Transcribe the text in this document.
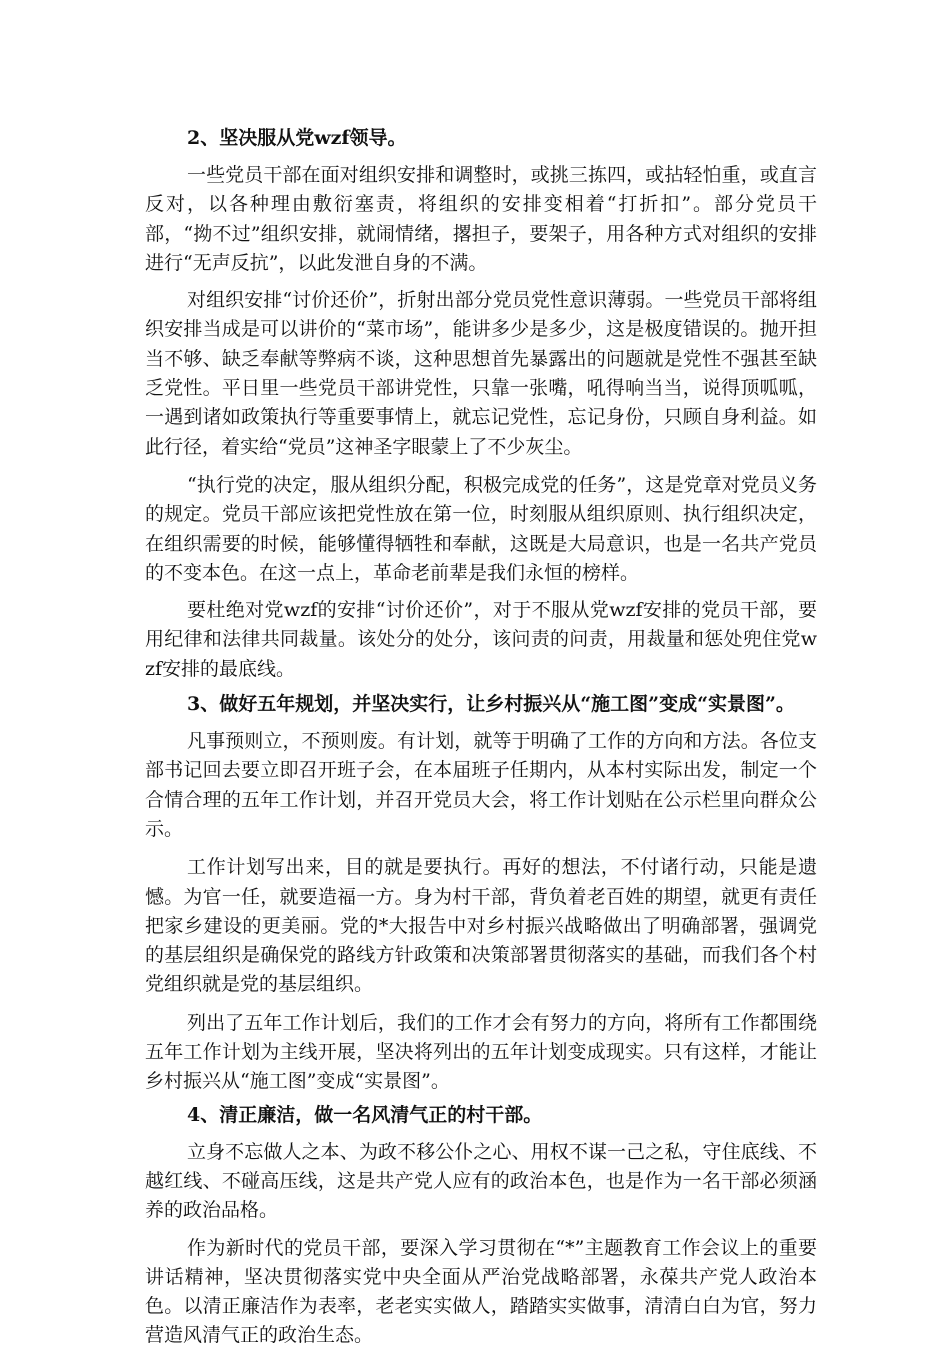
2、坚决服从党wzf领导。

一些党员干部在面对组织安排和调整时，或挑三拣四，或拈轻怕重，或直言反对，以各种理由敷衍塞责，将组织的安排变相着“打折扣”。部分党员干部，“拗不过”组织安排，就闹情绪，撂担子，要架子，用各种方式对组织的安排进行“无声反抗”，以此发泄自身的不满。

对组织安排“讨价还价”，折射出部分党员党性意识薄弱。一些党员干部将组织安排当成是可以讲价的“菜市场”，能讲多少是多少，这是极度错误的。抛开担当不够、缺乏奉献等弊病不谈，这种思想首先暴露出的问题就是党性不强甚至缺乏党性。平日里一些党员干部讲党性，只靠一张嘴，吼得响当当，说得顶呱呱，一遇到诸如政策执行等重要事情上，就忘记党性，忘记身份，只顾自身利益。如此行径，着实给“党员”这神圣字眼蒙上了不少灰尘。

“执行党的决定，服从组织分配，积极完成党的任务”，这是党章对党员义务的规定。党员干部应该把党性放在第一位，时刻服从组织原则、执行组织决定，在组织需要的时候，能够懂得牺牲和奉献，这既是大局意识，也是一名共产党员的不变本色。在这一点上，革命老前辈是我们永恒的榜样。

要杜绝对党wzf的安排“讨价还价”，对于不服从党wzf安排的党员干部，要用纪律和法律共同裁量。该处分的处分，该问责的问责，用裁量和惩处兜住党wzf安排的最底线。

3、做好五年规划，并坚决实行，让乡村振兴从“施工图”变成“实景图”。

凡事预则立，不预则废。有计划，就等于明确了工作的方向和方法。各位支部书记回去要立即召开班子会，在本届班子任期内，从本村实际出发，制定一个合情合理的五年工作计划，并召开党员大会，将工作计划贴在公示栏里向群众公示。

工作计划写出来，目的就是要执行。再好的想法，不付诸行动，只能是遗憾。为官一任，就要造福一方。身为村干部，背负着老百姓的期望，就更有责任把家乡建设的更美丽。党的*大报告中对乡村振兴战略做出了明确部署，强调党的基层组织是确保党的路线方针政策和决策部署贯彻落实的基础，而我们各个村党组织就是党的基层组织。

列出了五年工作计划后，我们的工作才会有努力的方向，将所有工作都围绕五年工作计划为主线开展，坚决将列出的五年计划变成现实。只有这样，才能让乡村振兴从“施工图”变成“实景图”。

4、清正廉洁，做一名风清气正的村干部。

立身不忘做人之本、为政不移公仆之心、用权不谋一己之私，守住底线、不越红线、不碰高压线，这是共产党人应有的政治本色，也是作为一名干部必须涵养的政治品格。

作为新时代的党员干部，要深入学习贯彻在“*”主题教育工作会议上的重要讲话精神，坚决贯彻落实党中央全面从严治党战略部署，永葆共产党人政治本色。以清正廉洁作为表率，老老实实做人，踏踏实实做事，清清白白为官，努力营造风清气正的政治生态。
